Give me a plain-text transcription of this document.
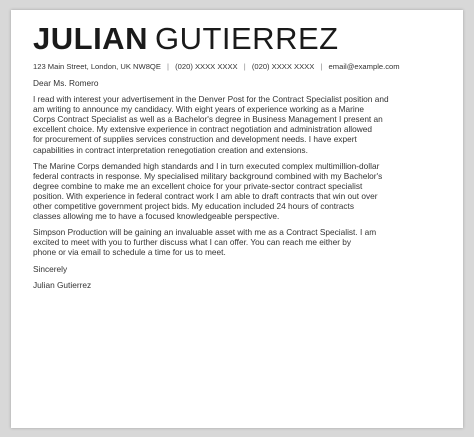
JULIAN GUTIERREZ
123 Main Street, London, UK NW8QE | (020) XXXX XXXX | (020) XXXX XXXX | email@example.com

Dear Ms. Romero

I read with interest your advertisement in the Denver Post for the Contract Specialist position and
am writing to announce my candidacy. With eight years of experience working as a Marine
Corps Contract Specialist as well as a Bachelor's degree in Business Management I present an
excellent choice. My extensive experience in contract negotiation and administration allowed
for procurement of supplies services construction and development needs. I have expert
capabilities in contract interpretation renegotiation creation and extensions.

The Marine Corps demanded high standards and I in turn executed complex multimillion-dollar
federal contracts in response. My specialised military background combined with my Bachelor's
degree combine to make me an excellent choice for your private-sector contract specialist
position. With experience in federal contract work I am able to draft contracts that win out over
other competitive government project bids. My education included 24 hours of contracts
classes allowing me to have a focused knowledgeable perspective.

Simpson Production will be gaining an invaluable asset with me as a Contract Specialist. I am
excited to meet with you to further discuss what I can offer. You can reach me either by
phone or via email to schedule a time for us to meet.

Sincerely

Julian Gutierrez
